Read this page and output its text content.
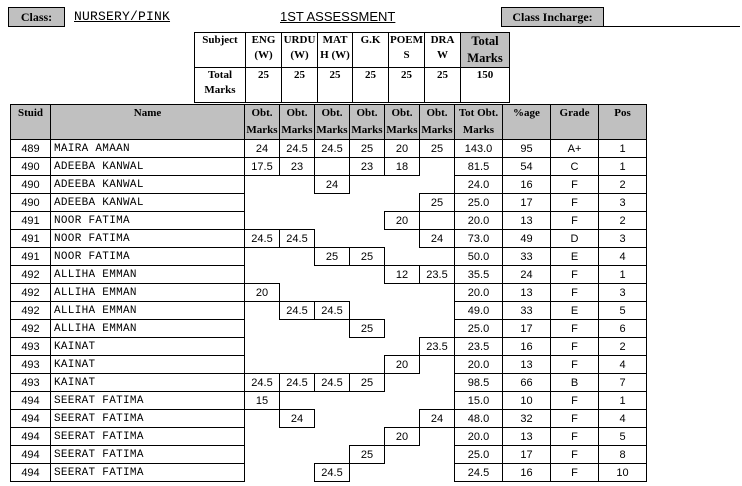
Class:	NURSERY/PINK	1ST ASSESSMENT	Class Incharge:
Subject	ENG (W)	URDU (W)	MAT H (W)	G.K	POEM S	DRA W	Total Marks
Total Marks	25	25	25	25	25	25	150
Stuid	Name	Obt. Marks	Obt. Marks	Obt. Marks	Obt. Marks	Obt. Marks	Obt. Marks	Tot Obt. Marks	%age	Grade	Pos
489	MAIRA AMAAN	24	24.5	24.5	25	20	25	143.0	95	A+	1
490	ADEEBA KANWAL	17.5	23		23	18		81.5	54	C	1
490	ADEEBA KANWAL			24				24.0	16	F	2
490	ADEEBA KANWAL						25	25.0	17	F	3
491	NOOR FATIMA					20		20.0	13	F	2
491	NOOR FATIMA	24.5	24.5				24	73.0	49	D	3
491	NOOR FATIMA			25	25			50.0	33	E	4
492	ALLIHA EMMAN					12	23.5	35.5	24	F	1
492	ALLIHA EMMAN	20						20.0	13	F	3
492	ALLIHA EMMAN		24.5	24.5				49.0	33	E	5
492	ALLIHA EMMAN				25			25.0	17	F	6
493	KAINAT						23.5	23.5	16	F	2
493	KAINAT					20		20.0	13	F	4
493	KAINAT	24.5	24.5	24.5	25			98.5	66	B	7
494	SEERAT FATIMA	15						15.0	10	F	1
494	SEERAT FATIMA		24				24	48.0	32	F	4
494	SEERAT FATIMA					20		20.0	13	F	5
494	SEERAT FATIMA				25			25.0	17	F	8
494	SEERAT FATIMA			24.5				24.5	16	F	10
